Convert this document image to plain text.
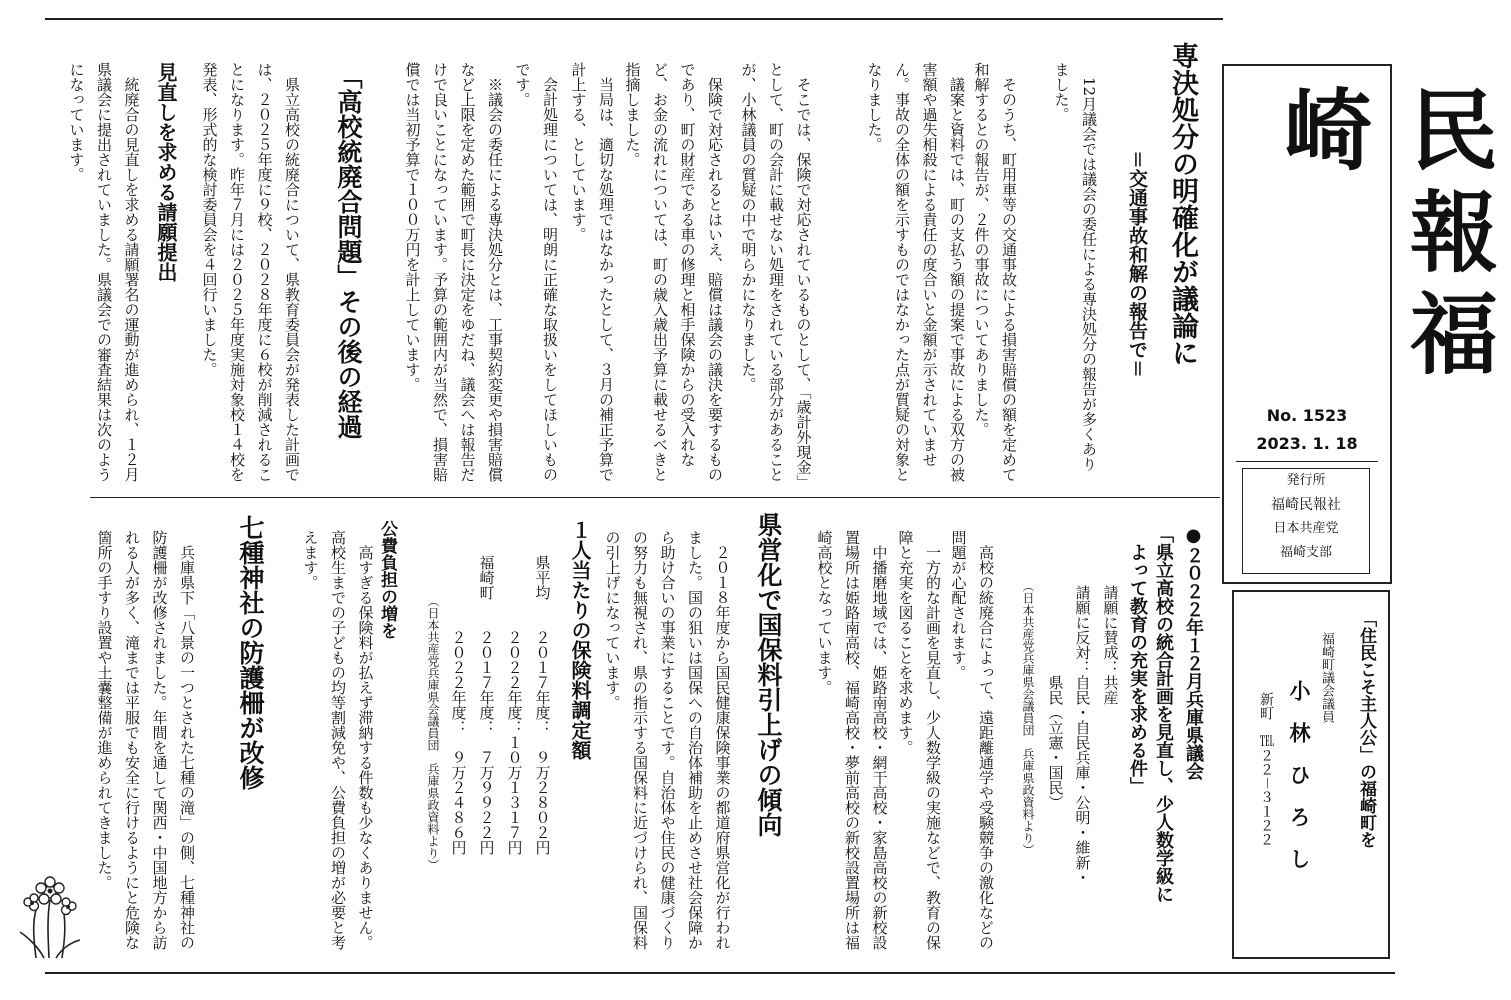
民報福崎
No. 1523
2023. 1. 18
発行所
福崎民報社
日本共産党
福崎支部
「住民こそ主人公」の福崎町を
福崎町議会議員
小　林　ひ　ろ　し
新町　℡２２－３１２２
専決処分の明確化が議論に
＝交通事故和解の報告で＝
　12月議会では議会の委任による専決処分の報告が多くありました。
　そのうち、町用車等の交通事故による損害賠償の額を定めて和解するとの報告が、２件の事故についてありました。
　議案と資料では、町の支払う額の提案で事故による双方の被害額や過失相殺による責任の度合いと金額が示されていません。事故の全体の額を示すものではなかった点が質疑の対象となりました。
　そこでは、保険で対応されているものとして、「歳計外現金」として、町の会計に載せない処理をされている部分があることが、小林議員の質疑の中で明らかになりました。
　保険で対応されるとはいえ、賠償は議会の議決を要するものであり、町の財産である車の修理と相手保険からの受入れなど、お金の流れについては、町の歳入歳出予算に載せるべきと指摘しました。
　当局は、適切な処理ではなかったとして、３月の補正予算で計上する、としています。
　会計処理については、明朗に正確な取扱いをしてほしいものです。
　※議会の委任による専決処分とは、工事契約変更や損害賠償など上限を定めた範囲で町長に決定をゆだね、議会へは報告だけで良いことになっています。予算の範囲内が当然で、損害賠償では当初予算で１００万円を計上しています。
「高校統廃合問題」その後の経過
　県立高校の統廃合について、県教育委員会が発表した計画では、２０２５年度に９校、２０２８年度に６校が削減されることになります。昨年７月には２０２５年度実施対象校１４校を発表、形式的な検討委員会を４回行いました。
見直しを求める請願提出
　統廃合の見直しを求める請願署名の運動が進められ、１２月県議会に提出されていました。県議会での審査結果は次のようになっています。
●２０２２年１２月兵庫県議会
「県立高校の統合計画を見直し、少人数学級に
　よって教育の充実を求める件」
請願に賛成：共産
請願に反対：自民・自民兵庫・公明・維新・
　　　　　　県民（立憲・国民）
（日本共産党兵庫県会議員団　兵庫県政資料より）
　高校の統廃合によって、遠距離通学や受験競争の激化などの問題が心配されます。
　一方的な計画を見直し、少人数学級の実施などで、教育の保障と充実を図ることを求めます。
　中播磨地域では、姫路南高校・網干高校・家島高校の新校設置場所は姫路南高校、福崎高校・夢前高校の新校設置場所は福崎高校となっています。
県営化で国保料引上げの傾向
　２０１８年度から国民健康保険事業の都道府県営化が行われました。国の狙いは国保への自治体補助を止めさせ社会保障から助け合いの事業にすることです。自治体や住民の健康づくりの努力も無視され、県の指示する国保料に近づけられ、国保料の引上げになっています。
１人当たりの保険料調定額
県平均　　２０１７年度：　９万２８０２円
　　　　　２０２２年度：１０万１３１７円
福崎町　　２０１７年度：　７万９９２２円
　　　　　２０２２年度：　９万２４８６円
（日本共産党兵庫県会議員団　兵庫県政資料より）
公費負担の増を
　高すぎる保険料が払えず滞納する件数も少なくありません。高校生までの子どもの均等割減免や、公費負担の増が必要と考えます。
七種神社の防護柵が改修
　兵庫県下「八景の一つとされた七種の滝」の側、七種神社の防護柵が改修されました。年間を通して関西・中国地方から訪れる人が多く、滝までは平服でも安全に行けるようにと危険な箇所の手すり設置や土嚢整備が進められてきました。
